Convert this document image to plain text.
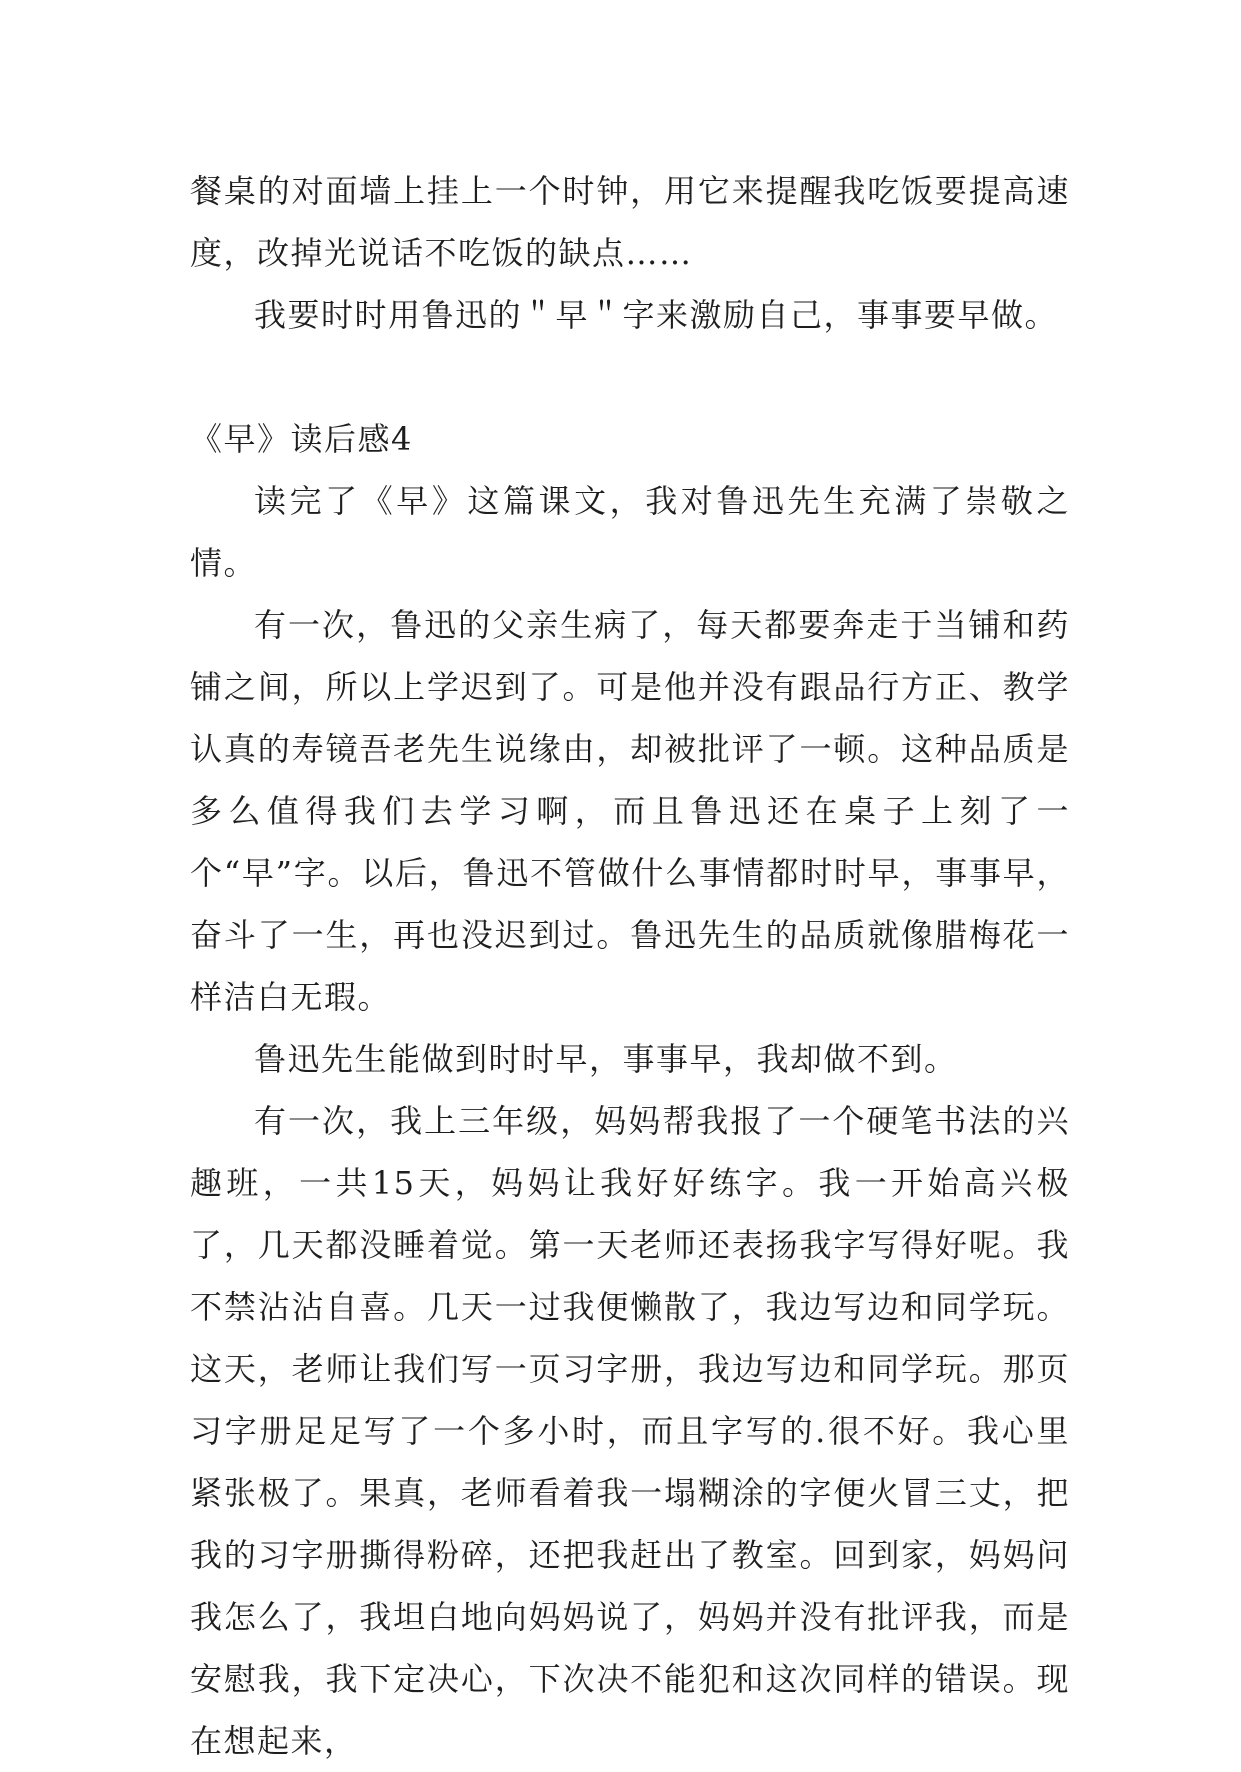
餐桌的对面墙上挂上一个时钟，用它来提醒我吃饭要提高速度，改掉光说话不吃饭的缺点……

我要时时用鲁迅的＂早＂字来激励自己，事事要早做。

《早》读后感4

读完了《早》这篇课文，我对鲁迅先生充满了崇敬之情。

有一次，鲁迅的父亲生病了，每天都要奔走于当铺和药铺之间，所以上学迟到了。可是他并没有跟品行方正、教学认真的寿镜吾老先生说缘由，却被批评了一顿。这种品质是多么值得我们去学习啊，而且鲁迅还在桌子上刻了一个“早”字。以后，鲁迅不管做什么事情都时时早，事事早，奋斗了一生，再也没迟到过。鲁迅先生的品质就像腊梅花一样洁白无瑕。

鲁迅先生能做到时时早，事事早，我却做不到。

有一次，我上三年级，妈妈帮我报了一个硬笔书法的兴趣班，一共15天，妈妈让我好好练字。我一开始高兴极了，几天都没睡着觉。第一天老师还表扬我字写得好呢。我不禁沾沾自喜。几天一过我便懒散了，我边写边和同学玩。这天，老师让我们写一页习字册，我边写边和同学玩。那页习字册足足写了一个多小时，而且字写的.很不好。我心里紧张极了。果真，老师看着我一塌糊涂的字便火冒三丈，把我的习字册撕得粉碎，还把我赶出了教室。回到家，妈妈问我怎么了，我坦白地向妈妈说了，妈妈并没有批评我，而是安慰我，我下定决心，下次决不能犯和这次同样的错误。现在想起来，
